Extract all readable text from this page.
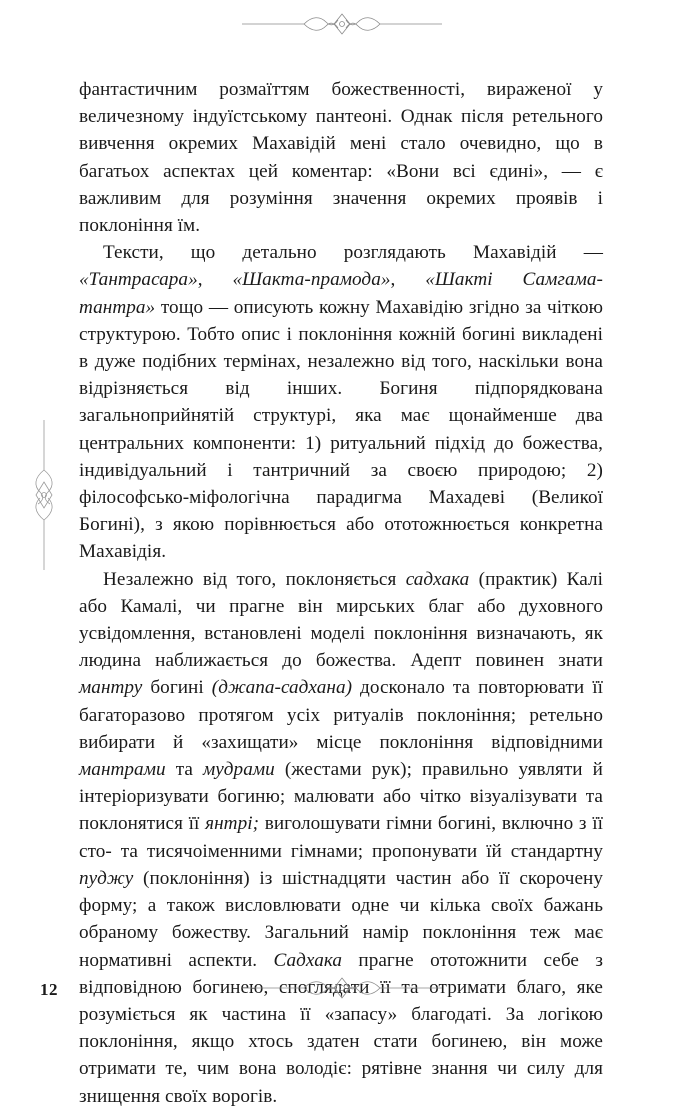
фантастичним розмаїттям божественності, вираженої у величезному індуїстському пантеоні. Однак після ретельного вивчення окремих Махавідій мені стало очевидно, що в багатьох аспектах цей коментар: «Вони всі єдині», — є важливим для розуміння значення окремих проявів і поклоніння їм.

Тексти, що детально розглядають Махавідій — «Тантрасара», «Шакта-прамода», «Шакті Самгама-тантра» тощо — описують кожну Махавідію згідно за чіткою структурою. Тобто опис і поклоніння кожній богині викладені в дуже подібних термінах, незалежно від того, наскільки вона відрізняється від інших. Богиня підпорядкована загальноприйнятій структурі, яка має щонайменше два центральних компоненти: 1) ритуальний підхід до божества, індивідуальний і тантричний за своєю природою; 2) філософсько-міфологічна парадигма Махадеві (Великої Богині), з якою порівнюється або ототожнюється конкретна Махавідія.

Незалежно від того, поклоняється садхака (практик) Калі або Камалі, чи прагне він мирських благ або духовного усвідомлення, встановлені моделі поклоніння визначають, як людина наближається до божества. Адепт повинен знати мантру богині (джапа-садхана) досконало та повторювати її багаторазово протягом усіх ритуалів поклоніння; ретельно вибирати й «захищати» місце поклоніння відповідними мантрами та мудрами (жестами рук); правильно уявляти й інтеріоризувати богиню; малювати або чітко візуалізувати та поклонятися її янтрі; виголошувати гімни богині, включно з її сто- та тисячоіменними гімнами; пропонувати їй стандартну пуджу (поклоніння) із шістнадцяти частин або її скорочену форму; а також висловлювати одне чи кілька своїх бажань обраному божеству. Загальний намір поклоніння теж має нормативні аспекти. Садхака прагне ототожнити себе з відповідною богинею, споглядати її та отримати благо, яке розуміється як частина її «запасу» благодаті. За логікою поклоніння, якщо хтось здатен стати богинею, він може отримати те, чим вона володіє: рятівне знання чи силу для знищення своїх ворогів.

12
